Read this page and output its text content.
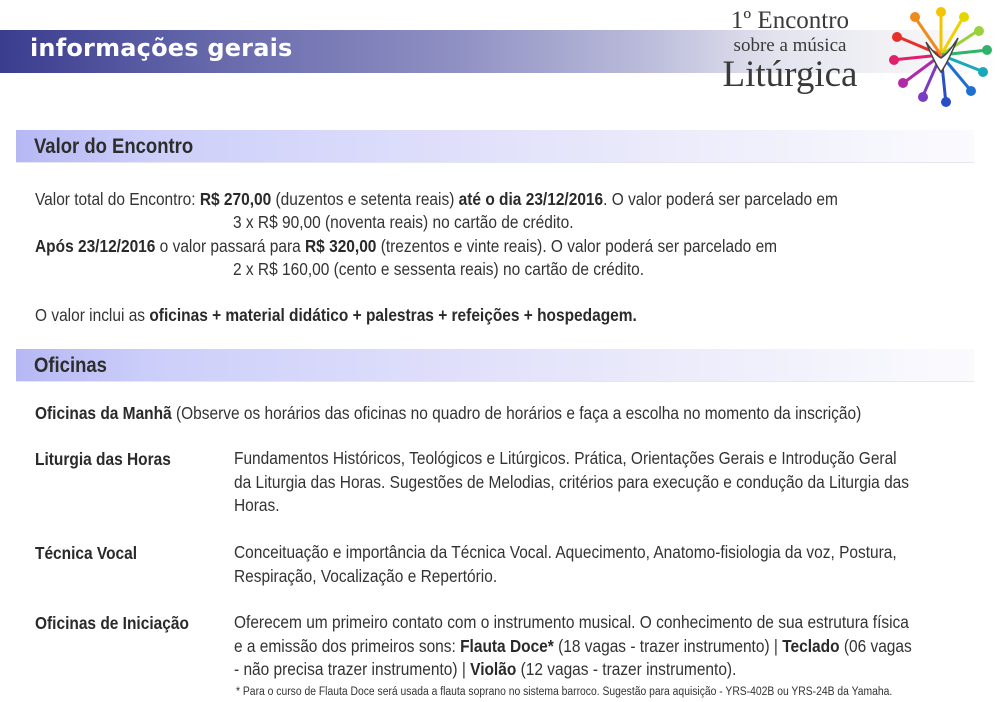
informações gerais
1º Encontro
sobre a música
Litúrgica
Valor do Encontro
Valor total do Encontro: R$ 270,00 (duzentos e setenta reais) até o dia 23/12/2016. O valor poderá ser parcelado em
3 x R$ 90,00 (noventa reais) no cartão de crédito.
Após 23/12/2016 o valor passará para R$ 320,00 (trezentos e vinte reais). O valor poderá ser parcelado em
2 x R$ 160,00 (cento e sessenta reais) no cartão de crédito.
O valor inclui as oficinas + material didático + palestras + refeições + hospedagem.
Oficinas
Oficinas da Manhã (Observe os horários das oficinas no quadro de horários e faça a escolha no momento da inscrição)
Liturgia das Horas	Fundamentos Históricos, Teológicos e Litúrgicos. Prática, Orientações Gerais e Introdução Geral
da Liturgia das Horas. Sugestões de Melodias, critérios para execução e condução da Liturgia das
Horas.
Técnica Vocal	Conceituação e importância da Técnica Vocal. Aquecimento, Anatomo-fisiologia da voz, Postura,
Respiração, Vocalização e Repertório.
Oficinas de Iniciação	Oferecem um primeiro contato com o instrumento musical. O conhecimento de sua estrutura física
e a emissão dos primeiros sons: Flauta Doce* (18 vagas - trazer instrumento) | Teclado (06 vagas
- não precisa trazer instrumento) | Violão (12 vagas - trazer instrumento).
* Para o curso de Flauta Doce será usada a flauta soprano no sistema barroco. Sugestão para aquisição - YRS-402B ou YRS-24B da Yamaha.
